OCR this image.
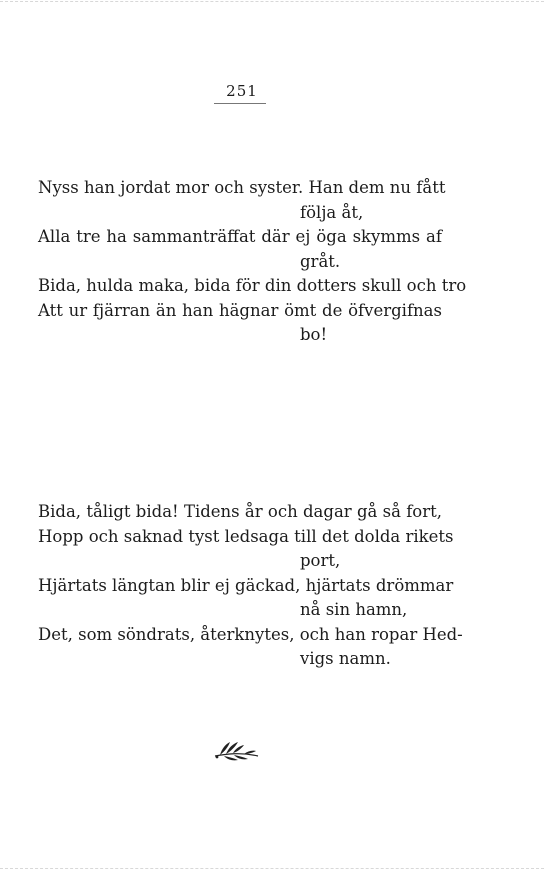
251
Nyss han jordat mor och syster. Han dem nu fått
följa åt,
Alla tre ha sammanträffat där ej öga skymms af
gråt.
Bida, hulda maka, bida för din dotters skull och tro
Att ur fjärran än han hägnar ömt de öfvergifnas
bo!
Bida, tåligt bida! Tidens år och dagar gå så fort,
Hopp och saknad tyst ledsaga till det dolda rikets
port,
Hjärtats längtan blir ej gäckad, hjärtats drömmar
nå sin hamn,
Det, som söndrats, återknytes, och han ropar Hed-
vigs namn.
